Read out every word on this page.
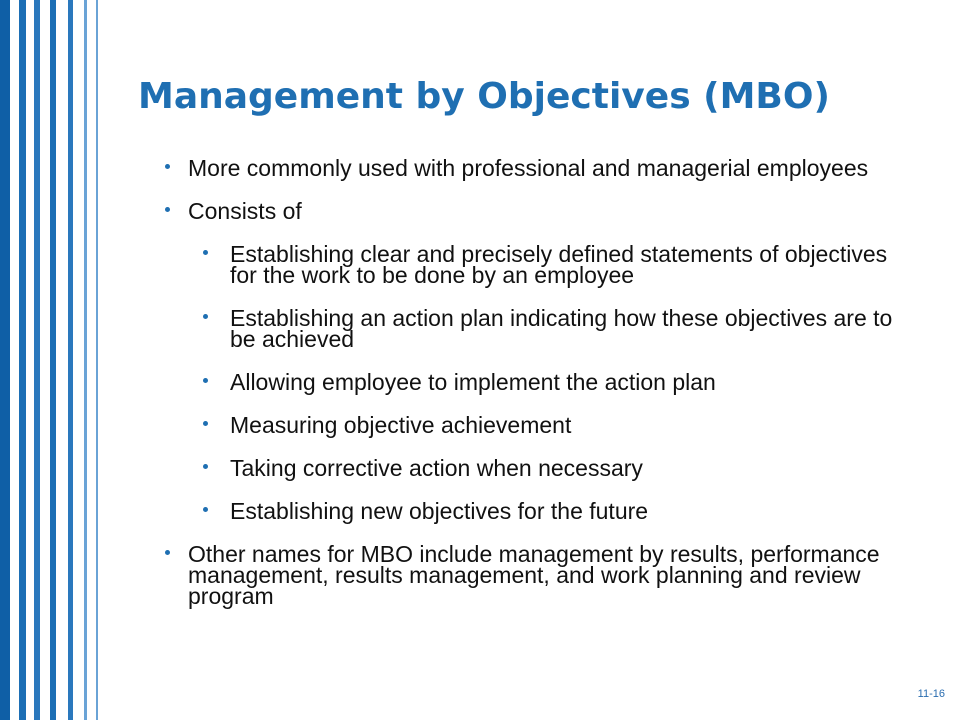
Management by Objectives (MBO)
More commonly used with professional and managerial employees
Consists of
Establishing clear and precisely defined statements of objectives for the work to be done by an employee
Establishing an action plan indicating how these objectives are to be achieved
Allowing employee to implement the action plan
Measuring objective achievement
Taking corrective action when necessary
Establishing new objectives for the future
Other names for MBO include management by results, performance management, results management, and work planning and review program
11-16
